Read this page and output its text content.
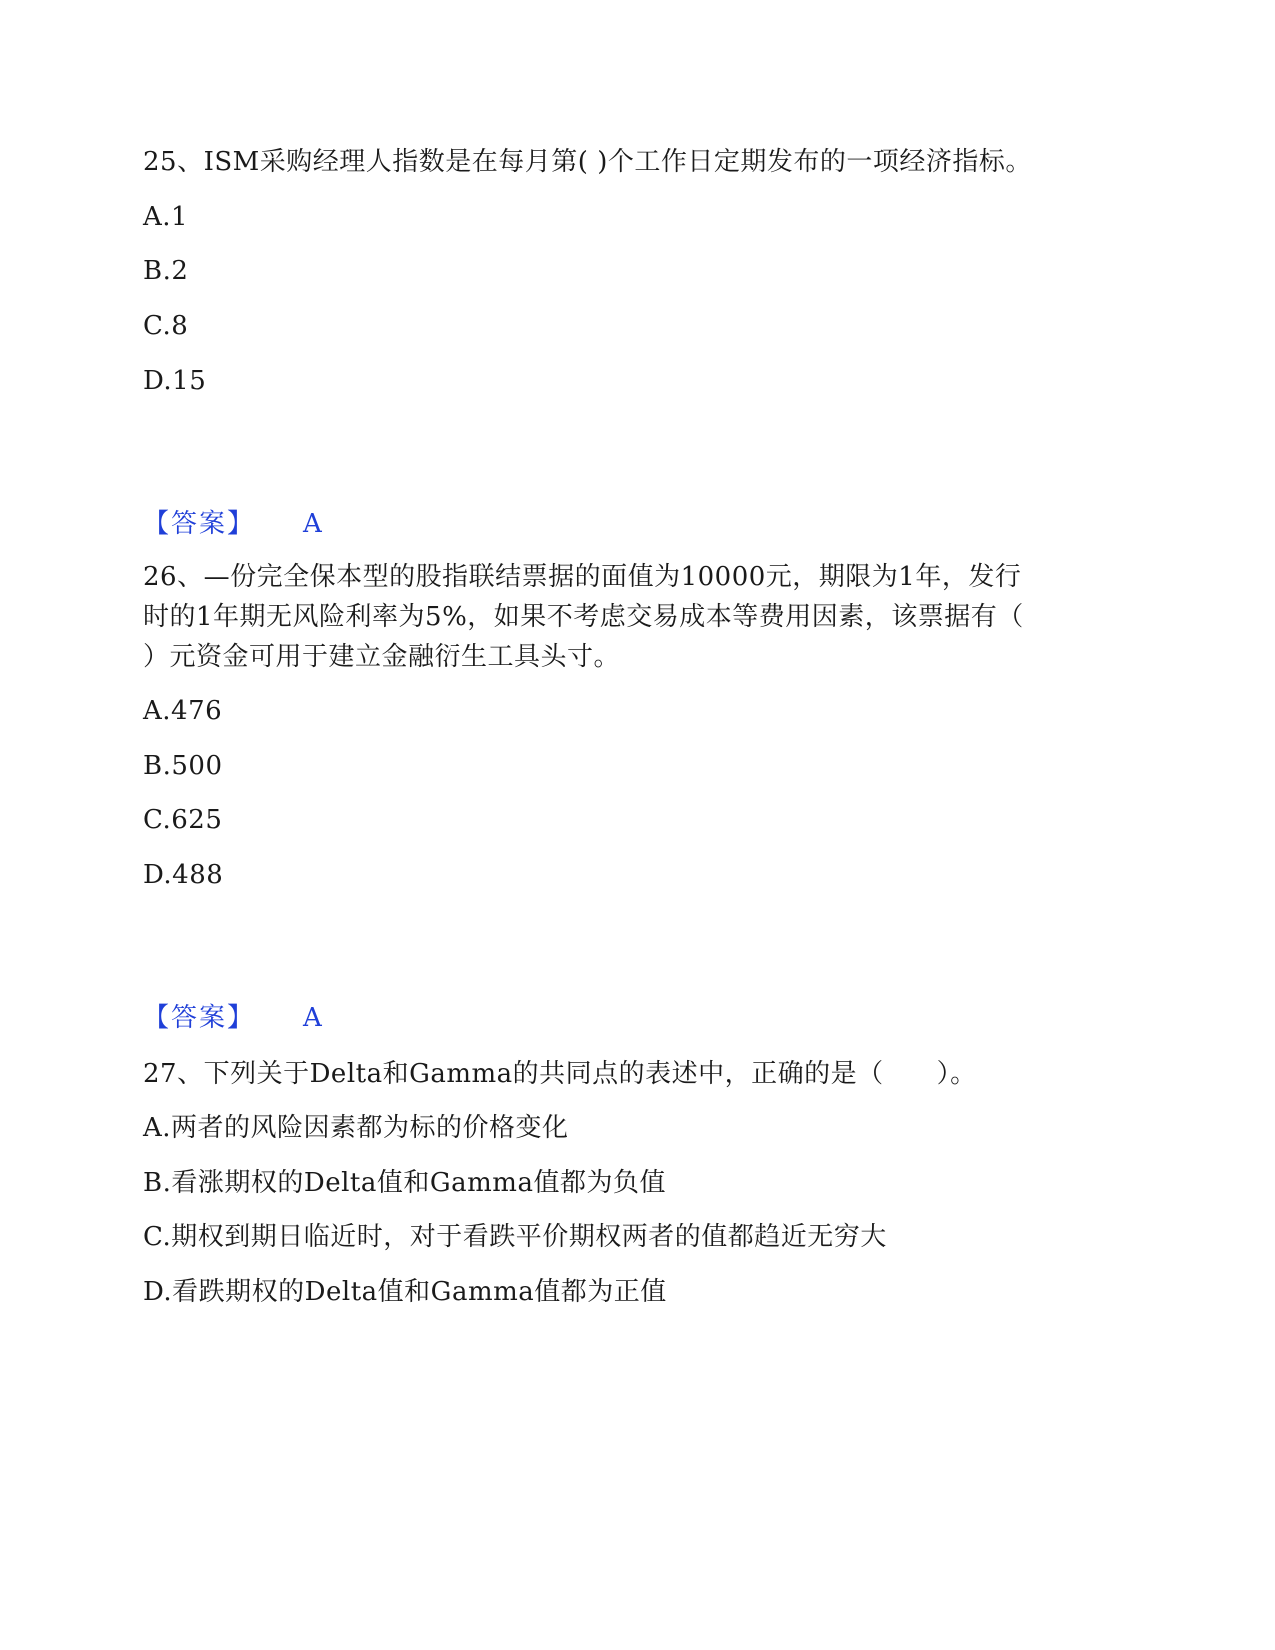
25、ISM采购经理人指数是在每月第( )个工作日定期发布的一项经济指标。
A.1
B.2
C.8
D.15
【答案】 A
26、—份完全保本型的股指联结票据的面值为10000元，期限为1年，发行
时的1年期无风险利率为5%，如果不考虑交易成本等费用因素，该票据有（
）元资金可用于建立金融衍生工具头寸。
A.476
B.500
C.625
D.488
【答案】 A
27、下列关于Delta和Gamma的共同点的表述中，正确的是（　　）。
A.两者的风险因素都为标的价格变化
B.看涨期权的Delta值和Gamma值都为负值
C.期权到期日临近时，对于看跌平价期权两者的值都趋近无穷大
D.看跌期权的Delta值和Gamma值都为正值
